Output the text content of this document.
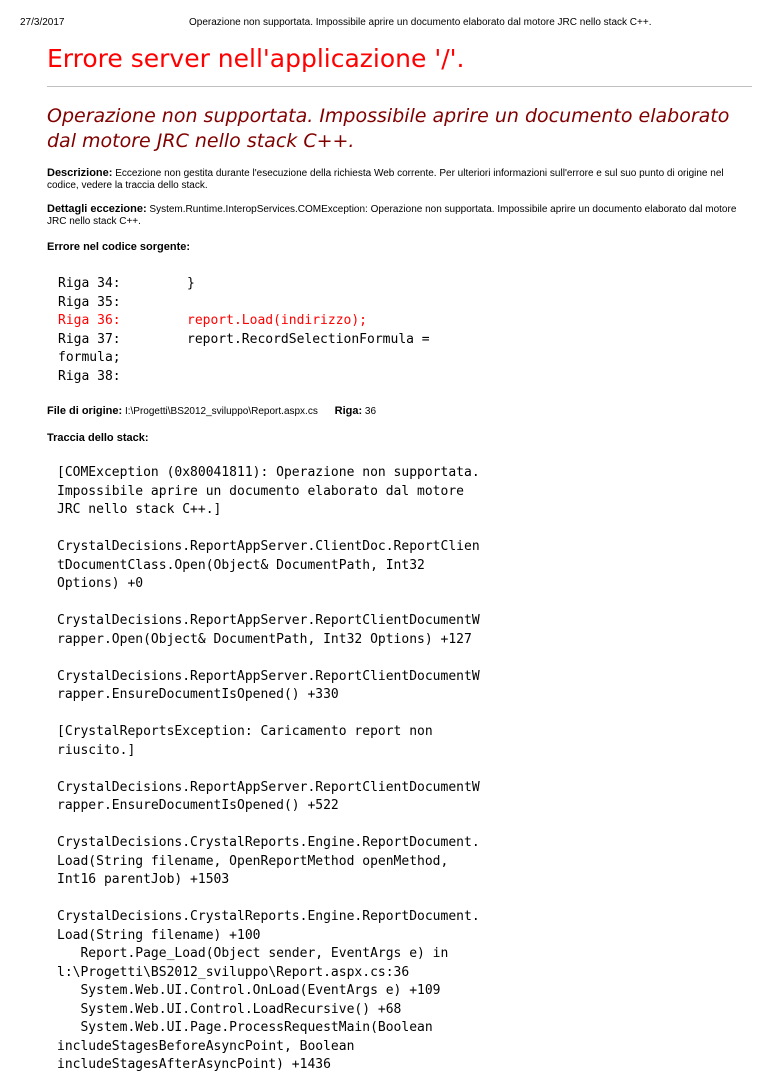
27/3/2017	Operazione non supportata. Impossibile aprire un documento elaborato dal motore JRC nello stack C++.
Errore server nell'applicazione '/'.
Operazione non supportata. Impossibile aprire un documento elaborato dal motore JRC nello stack C++.

Descrizione: Eccezione non gestita durante l'esecuzione della richiesta Web corrente. Per ulteriori informazioni sull'errore e sul suo punto di origine nel codice, vedere la traccia dello stack.

Dettagli eccezione: System.Runtime.InteropServices.COMException: Operazione non supportata. Impossibile aprire un documento elaborato dal motore JRC nello stack C++.

Errore nel codice sorgente:

Riga 34:	}
Riga 35:
Riga 36:	report.Load(indirizzo);
Riga 37:	report.RecordSelectionFormula =
formula;
Riga 38:

File di origine: I:\Progetti\BS2012_sviluppo\Report.aspx.cs Riga: 36

Traccia dello stack:

[COMException (0x80041811): Operazione non supportata.
Impossibile aprire un documento elaborato dal motore
JRC nello stack C++.]
CrystalDecisions.ReportAppServer.ClientDoc.ReportClien
tDocumentClass.Open(Object& DocumentPath, Int32
Options) +0
CrystalDecisions.ReportAppServer.ReportClientDocumentW
rapper.Open(Object& DocumentPath, Int32 Options) +127
CrystalDecisions.ReportAppServer.ReportClientDocumentW
rapper.EnsureDocumentIsOpened() +330
[CrystalReportsException: Caricamento report non
riuscito.]
CrystalDecisions.ReportAppServer.ReportClientDocumentW
rapper.EnsureDocumentIsOpened() +522
CrystalDecisions.CrystalReports.Engine.ReportDocument.
Load(String filename, OpenReportMethod openMethod,
Int16 parentJob) +1503
CrystalDecisions.CrystalReports.Engine.ReportDocument.
Load(String filename) +100
Report.Page_Load(Object sender, EventArgs e) in
l:\Progetti\BS2012_sviluppo\Report.aspx.cs:36
System.Web.UI.Control.OnLoad(EventArgs e) +109
System.Web.UI.Control.LoadRecursive() +68
System.Web.UI.Page.ProcessRequestMain(Boolean
includeStagesBeforeAsyncPoint, Boolean
includeStagesAfterAsyncPoint) +1436
